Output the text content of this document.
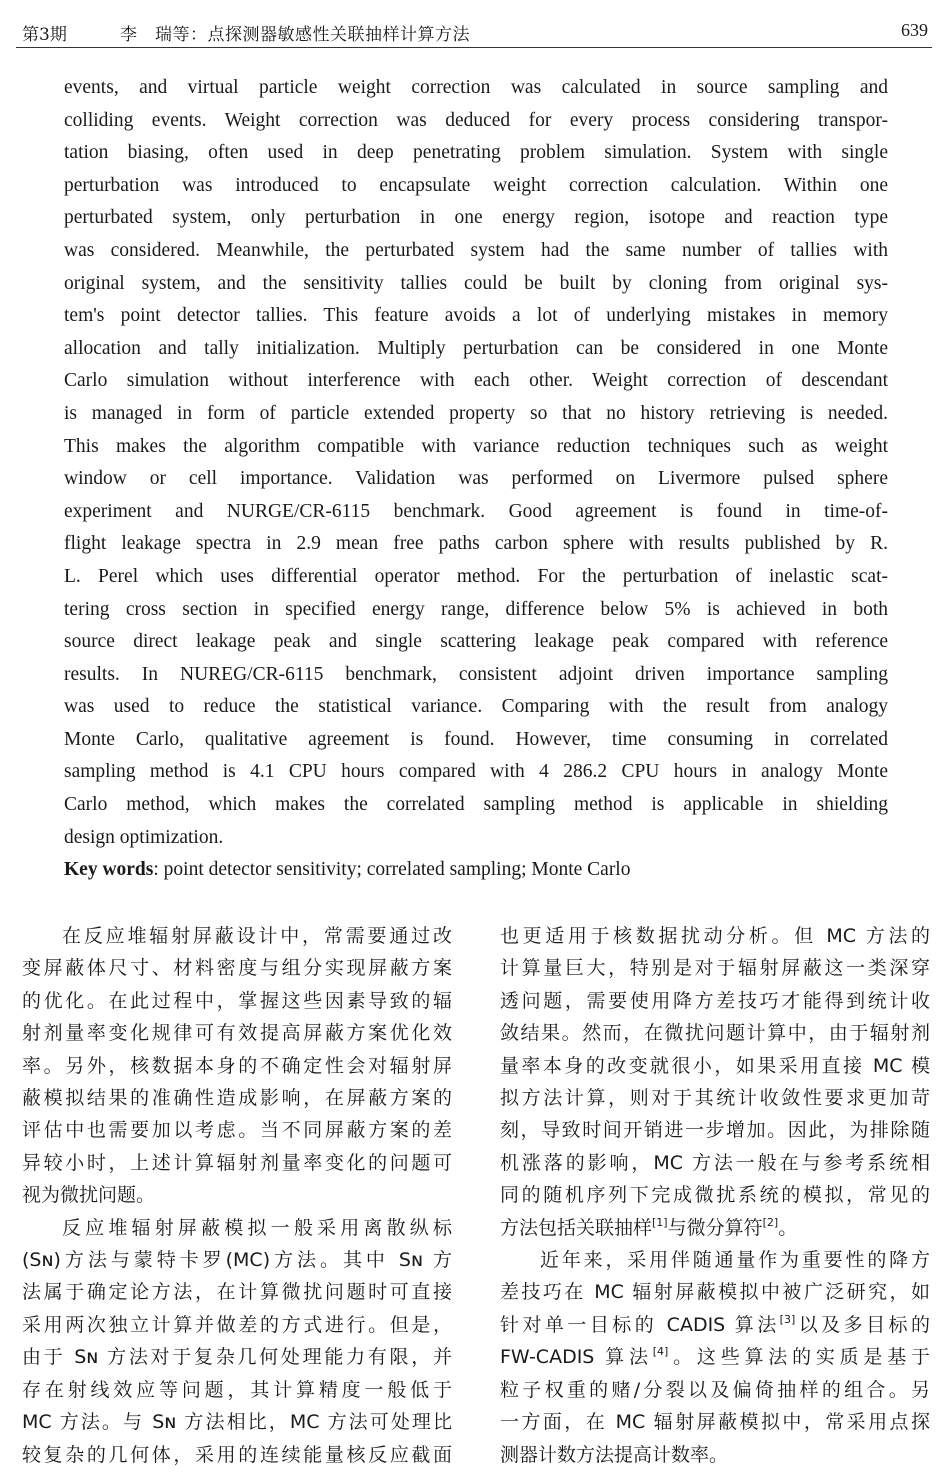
第3期	李　瑞等：点探测器敏感性关联抽样计算方法	639
events, and virtual particle weight correction was calculated in source sampling and
colliding events. Weight correction was deduced for every process considering transpor-
tation biasing, often used in deep penetrating problem simulation. System with single
perturbation was introduced to encapsulate weight correction calculation. Within one
perturbated system, only perturbation in one energy region, isotope and reaction type
was considered. Meanwhile, the perturbated system had the same number of tallies with
original system, and the sensitivity tallies could be built by cloning from original sys-
tem's point detector tallies. This feature avoids a lot of underlying mistakes in memory
allocation and tally initialization. Multiply perturbation can be considered in one Monte
Carlo simulation without interference with each other. Weight correction of descendant
is managed in form of particle extended property so that no history retrieving is needed.
This makes the algorithm compatible with variance reduction techniques such as weight
window or cell importance. Validation was performed on Livermore pulsed sphere
experiment and NURGE/CR-6115 benchmark. Good agreement is found in time-of-
flight leakage spectra in 2.9 mean free paths carbon sphere with results published by R.
L. Perel which uses differential operator method. For the perturbation of inelastic scat-
tering cross section in specified energy range, difference below 5% is achieved in both
source direct leakage peak and single scattering leakage peak compared with reference
results. In NUREG/CR-6115 benchmark, consistent adjoint driven importance sampling
was used to reduce the statistical variance. Comparing with the result from analogy
Monte Carlo, qualitative agreement is found. However, time consuming in correlated
sampling method is 4.1 CPU hours compared with 4 286.2 CPU hours in analogy Monte
Carlo method, which makes the correlated sampling method is applicable in shielding
design optimization.
Key words: point detector sensitivity; correlated sampling; Monte Carlo
在反应堆辐射屏蔽设计中，常需要通过改
变屏蔽体尺寸、材料密度与组分实现屏蔽方案
的优化。在此过程中，掌握这些因素导致的辐
射剂量率变化规律可有效提高屏蔽方案优化效
率。另外，核数据本身的不确定性会对辐射屏
蔽模拟结果的准确性造成影响，在屏蔽方案的
评估中也需要加以考虑。当不同屏蔽方案的差
异较小时，上述计算辐射剂量率变化的问题可
视为微扰问题。
反应堆辐射屏蔽模拟一般采用离散纵标
(Sɴ)方法与蒙特卡罗(MC)方法。其中 Sɴ 方
法属于确定论方法，在计算微扰问题时可直接
采用两次独立计算并做差的方式进行。但是，
由于 Sɴ 方法对于复杂几何处理能力有限，并
存在射线效应等问题，其计算精度一般低于
MC 方法。与 Sɴ 方法相比，MC 方法可处理比
较复杂的几何体，采用的连续能量核反应截面
也更适用于核数据扰动分析。但 MC 方法的
计算量巨大，特别是对于辐射屏蔽这一类深穿
透问题，需要使用降方差技巧才能得到统计收
敛结果。然而，在微扰问题计算中，由于辐射剂
量率本身的改变就很小，如果采用直接 MC 模
拟方法计算，则对于其统计收敛性要求更加苛
刻，导致时间开销进一步增加。因此，为排除随
机涨落的影响，MC 方法一般在与参考系统相
同的随机序列下完成微扰系统的模拟，常见的
方法包括关联抽样[1]与微分算符[2]。
近年来，采用伴随通量作为重要性的降方
差技巧在 MC 辐射屏蔽模拟中被广泛研究，如
针对单一目标的 CADIS 算法[3]以及多目标的
FW-CADIS 算法[4]。这些算法的实质是基于
粒子权重的赌/分裂以及偏倚抽样的组合。另
一方面，在 MC 辐射屏蔽模拟中，常采用点探
测器计数方法提高计数率。
